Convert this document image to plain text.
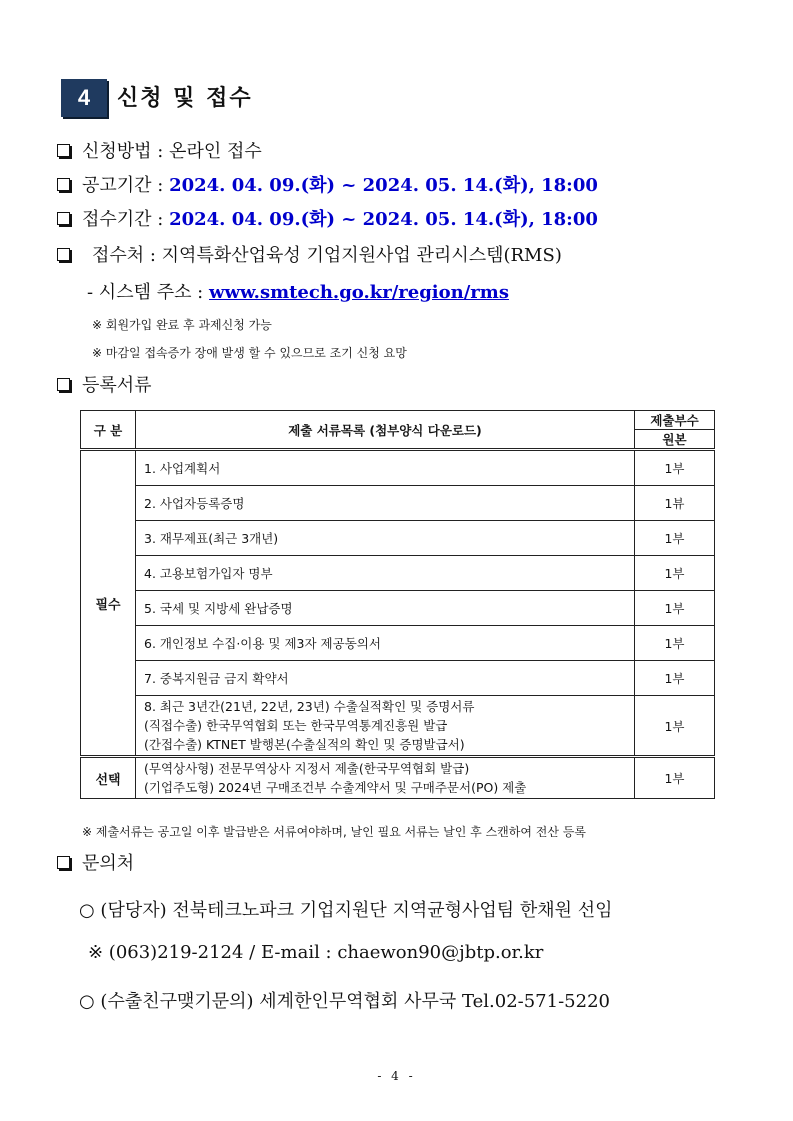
4	신청 및 접수
신청방법 : 온라인 접수
공고기간 : 2024. 04. 09.(화) ~ 2024. 05. 14.(화), 18:00
접수기간 : 2024. 04. 09.(화) ~ 2024. 05. 14.(화), 18:00
접수처 : 지역특화산업육성 기업지원사업 관리시스템(RMS)
- 시스템 주소 : www.smtech.go.kr/region/rms
※ 회원가입 완료 후 과제신청 가능
※ 마감일 접속증가 장애 발생 할 수 있으므로 조기 신청 요망
등록서류
구 분	제출 서류목록 (첨부양식 다운로드)	제출부수
		원본
필수	1. 사업계획서	1부
	2. 사업자등록증명	1뷰
	3. 재무제표(최근 3개년)	1부
	4. 고용보험가입자 명부	1부
	5. 국세 및 지방세 완납증명	1부
	6. 개인정보 수집·이용 및 제3자 제공동의서	1부
	7. 중복지원금 금지 확약서	1부

	8. 최근 3년간(21년, 22년, 23년) 수출실적확인 및 증명서류
(직접수출) 한국무역협회 또는 한국무역통계진흥원 발급
(간접수출) KTNET 발행본(수출실적의 확인 및 증명발급서)	1부
선택	(무역상사형) 전문무역상사 지정서 제출(한국무역협회 발급)
(기업주도형) 2024년 구매조건부 수출계약서 및 구매주문서(PO) 제출	1부
※ 제출서류는 공고일 이후 발급받은 서류여야하며, 날인 필요 서류는 날인 후 스캔하여 전산 등록
문의처
○ (담당자) 전북테크노파크 기업지원단 지역균형사업팀 한채원 선임
※ (063)219-2124 / E-mail : chaewon90@jbtp.or.kr
○ (수출친구맺기문의) 세계한인무역협회 사무국 Tel.02-571-5220
- 4 -
